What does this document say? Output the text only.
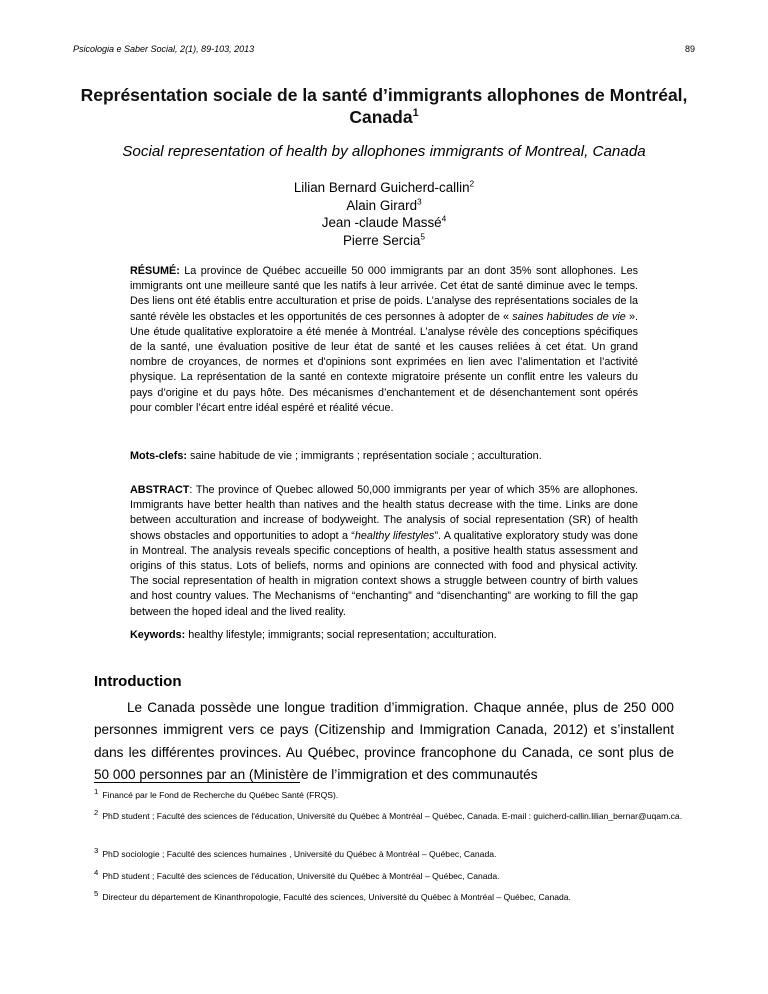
Psicologia e Saber Social, 2(1), 89-103, 2013	89
Représentation sociale de la santé d’immigrants allophones de Montréal,
Canada$^1$
Social representation of health by allophones immigrants of Montreal, Canada
Lilian Bernard Guicherd-callin$^2$
Alain Girard$^3$
Jean -claude Massé$^4$
Pierre Sercia$^5$

RÉSUMÉ: La province de Québec accueille 50 000 immigrants par an dont 35% sont allophones. Les immigrants ont une meilleure santé que les natifs à leur arrivée. Cet état de santé diminue avec le temps. Des liens ont été établis entre acculturation et prise de poids. L’analyse des représentations sociales de la santé révèle les obstacles et les opportunités de ces personnes à adopter de « saines habitudes de vie ». Une étude qualitative exploratoire a été menée à Montréal. L’analyse révèle des conceptions spécifiques de la santé, une évaluation positive de leur état de santé et les causes reliées à cet état. Un grand nombre de croyances, de normes et d'opinions sont exprimées en lien avec l’alimentation et l’activité physique. La représentation de la santé en contexte migratoire présente un conflit entre les valeurs du pays d’origine et du pays hôte. Des mécanismes d’enchantement et de désenchantement sont opérés pour combler l’écart entre idéal espéré et réalité vécue.

Mots-clefs: saine habitude de vie ; immigrants ; représentation sociale ; acculturation.

ABSTRACT: The province of Quebec allowed 50,000 immigrants per year of which 35% are allophones. Immigrants have better health than natives and the health status decrease with the time. Links are done between acculturation and increase of bodyweight. The analysis of social representation (SR) of health shows obstacles and opportunities to adopt a “healthy lifestyles”. A qualitative exploratory study was done in Montreal. The analysis reveals specific conceptions of health, a positive health status assessment and origins of this status. Lots of beliefs, norms and opinions are connected with food and physical activity. The social representation of health in migration context shows a struggle between country of birth values and host country values. The Mechanisms of “enchanting” and “disenchanting” are working to fill the gap between the hoped ideal and the lived reality.

Keywords: healthy lifestyle; immigrants; social representation; acculturation.

Introduction

Le Canada possède une longue tradition d’immigration. Chaque année, plus de 250 000 personnes immigrent vers ce pays (Citizenship and Immigration Canada, 2012) et s’installent dans les différentes provinces. Au Québec, province francophone du Canada, ce sont plus de 50 000 personnes par an (Ministère de l’immigration et des communautés

$^1$ Financé par le Fond de Recherche du Québec Santé (FRQS).
$^2$ PhD student ; Faculté des sciences de l'éducation, Université du Québec à Montréal – Québec, Canada. E-mail : guicherd-callin.lilian_bernar@uqam.ca.
$^3$ PhD sociologie ; Faculté des sciences humaines , Université du Québec à Montréal – Québec, Canada.
$^4$ PhD student ; Faculté des sciences de l'éducation, Université du Québec à Montréal – Québec, Canada.
$^5$ Directeur du département de Kinanthropologie, Faculté des sciences, Université du Québec à Montréal – Québec, Canada.
